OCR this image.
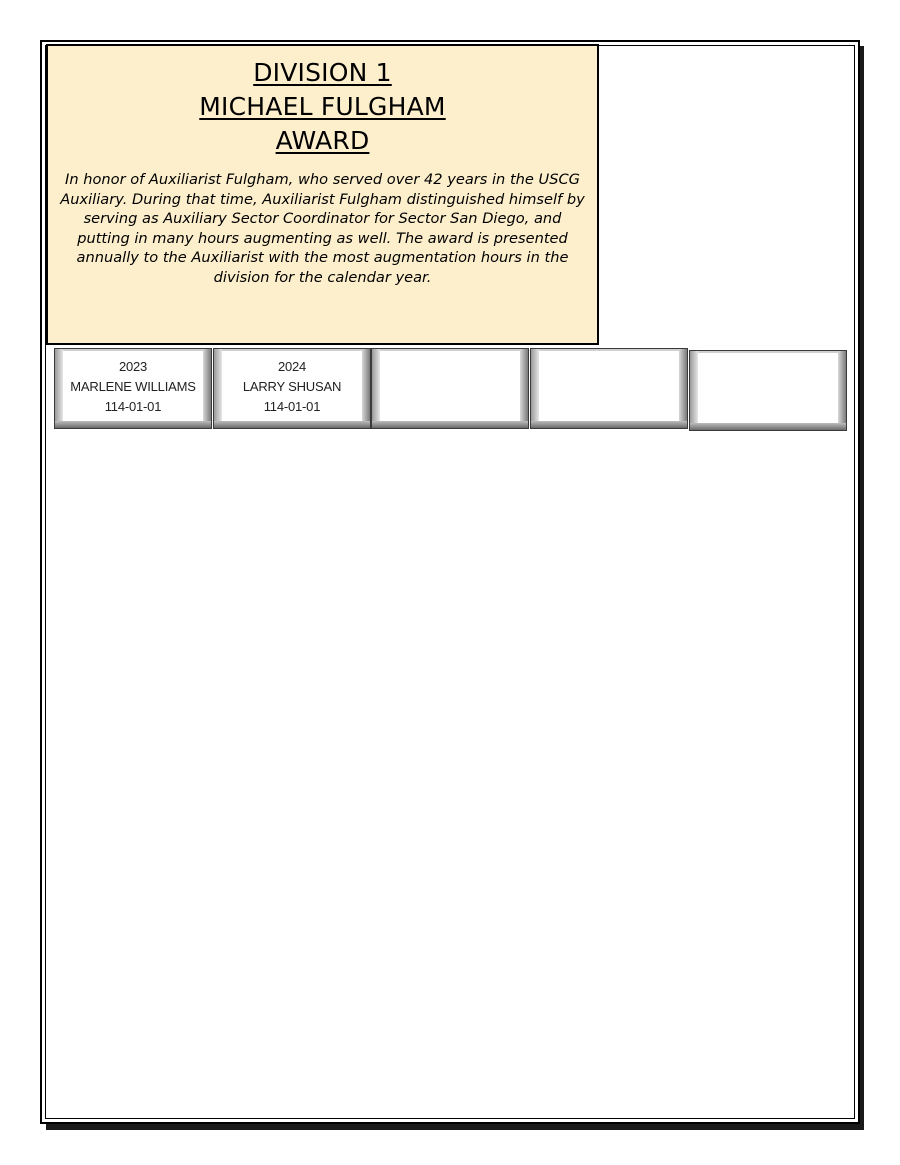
DIVISION 1
MICHAEL FULGHAM
AWARD

In honor of Auxiliarist Fulgham, who served over 42 years in the USCG Auxiliary. During that time, Auxiliarist Fulgham distinguished himself by serving as Auxiliary Sector Coordinator for Sector San Diego, and putting in many hours augmenting as well. The award is presented annually to the Auxiliarist with the most augmentation hours in the division for the calendar year.

2023
MARLENE WILLIAMS
114-01-01
2024
LARRY SHUSAN
114-01-01
